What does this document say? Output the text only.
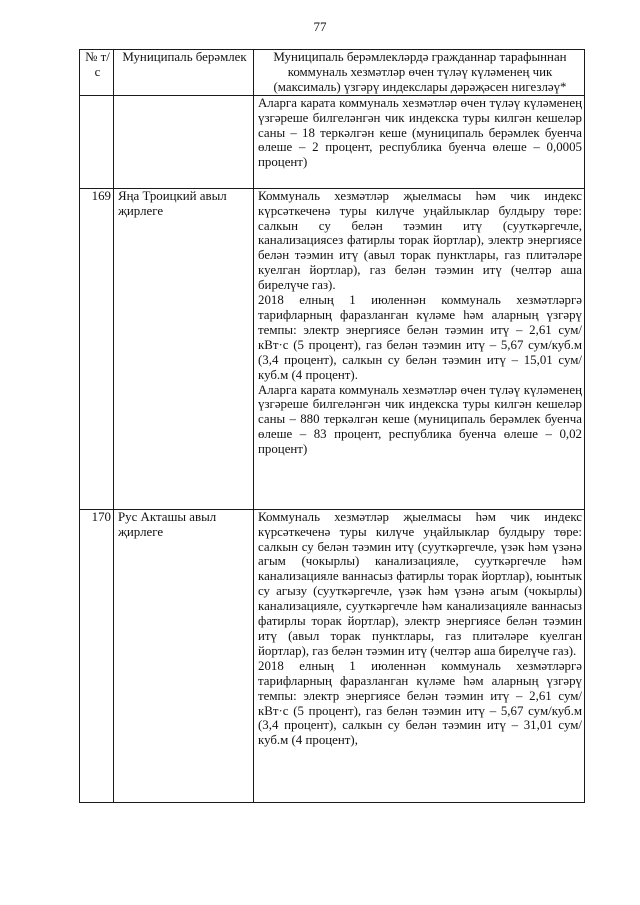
77
№ т/с	Муниципаль берәмлек	Муниципаль берәмлекләрдә гражданнар тарафыннан коммуналь хезмәтләр өчен түләү күләменең чик (максималь) үзгәрү индекслары дәрәҗәсен нигезләү*

		Аларга карата коммуналь хезмәтләр өчен түләү күләменең үзгәреше билгеләнгән чик индекска туры килгән кешеләр саны – 18 теркәлгән кеше (муниципаль берәмлек буенча өлеше – 2 процент, республика буенча өлеше – 0,0005 процент)

169	Яңа Троицкий авыл җирлеге	Коммуналь хезмәтләр җыелмасы һәм чик индекс күрсәткеченә туры килүче уңайлыклар булдыру төре: салкын су белән тәэмин итү (сууткәргечле, канализациясез фатирлы торак йортлар), электр энергиясе белән тәэмин итү (авыл торак пунктлары, газ плитәләре куелган йортлар), газ белән тәэмин итү (челтәр аша бирелүче газ).
2018 елның 1 июленнән коммуналь хезмәтләргә тарифларның фаразланган күләме һәм аларның үзгәрү темпы: электр энергиясе белән тәэмин итү – 2,61 сум/кВт·с (5 процент), газ белән тәэмин итү – 5,67 сум/куб.м (3,4 процент), салкын су белән тәэмин итү – 15,01 сум/куб.м (4 процент).
Аларга карата коммуналь хезмәтләр өчен түләү күләменең үзгәреше билгеләнгән чик индекска туры килгән кешеләр саны – 880 теркәлгән кеше (муниципаль берәмлек буенча өлеше – 83 процент, республика буенча өлеше – 0,02 процент)

170	Рус Акташы авыл җирлеге	Коммуналь хезмәтләр җыелмасы һәм чик индекс күрсәткеченә туры килүче уңайлыклар булдыру төре: салкын су белән тәэмин итү (сууткәргечле, үзәк һәм үзәнә агым (чокырлы) канализацияле, сууткәргечле һәм канализацияле ваннасыз фатирлы торак йортлар), юынтык су агызу (сууткәргечле, үзәк һәм үзәнә агым (чокырлы) канализацияле, сууткәргечле һәм канализацияле ваннасыз фатирлы торак йортлар), электр энергиясе белән тәэмин итү (авыл торак пунктлары, газ плитәләре куелган йортлар), газ белән тәэмин итү (челтәр аша бирелүче газ).
2018 елның 1 июленнән коммуналь хезмәтләргә тарифларның фаразланган күләме һәм аларның үзгәрү темпы: электр энергиясе белән тәэмин итү – 2,61 сум/кВт·с (5 процент), газ белән тәэмин итү – 5,67 сум/куб.м (3,4 процент), салкын су белән тәэмин итү – 31,01 сум/куб.м (4 процент),
